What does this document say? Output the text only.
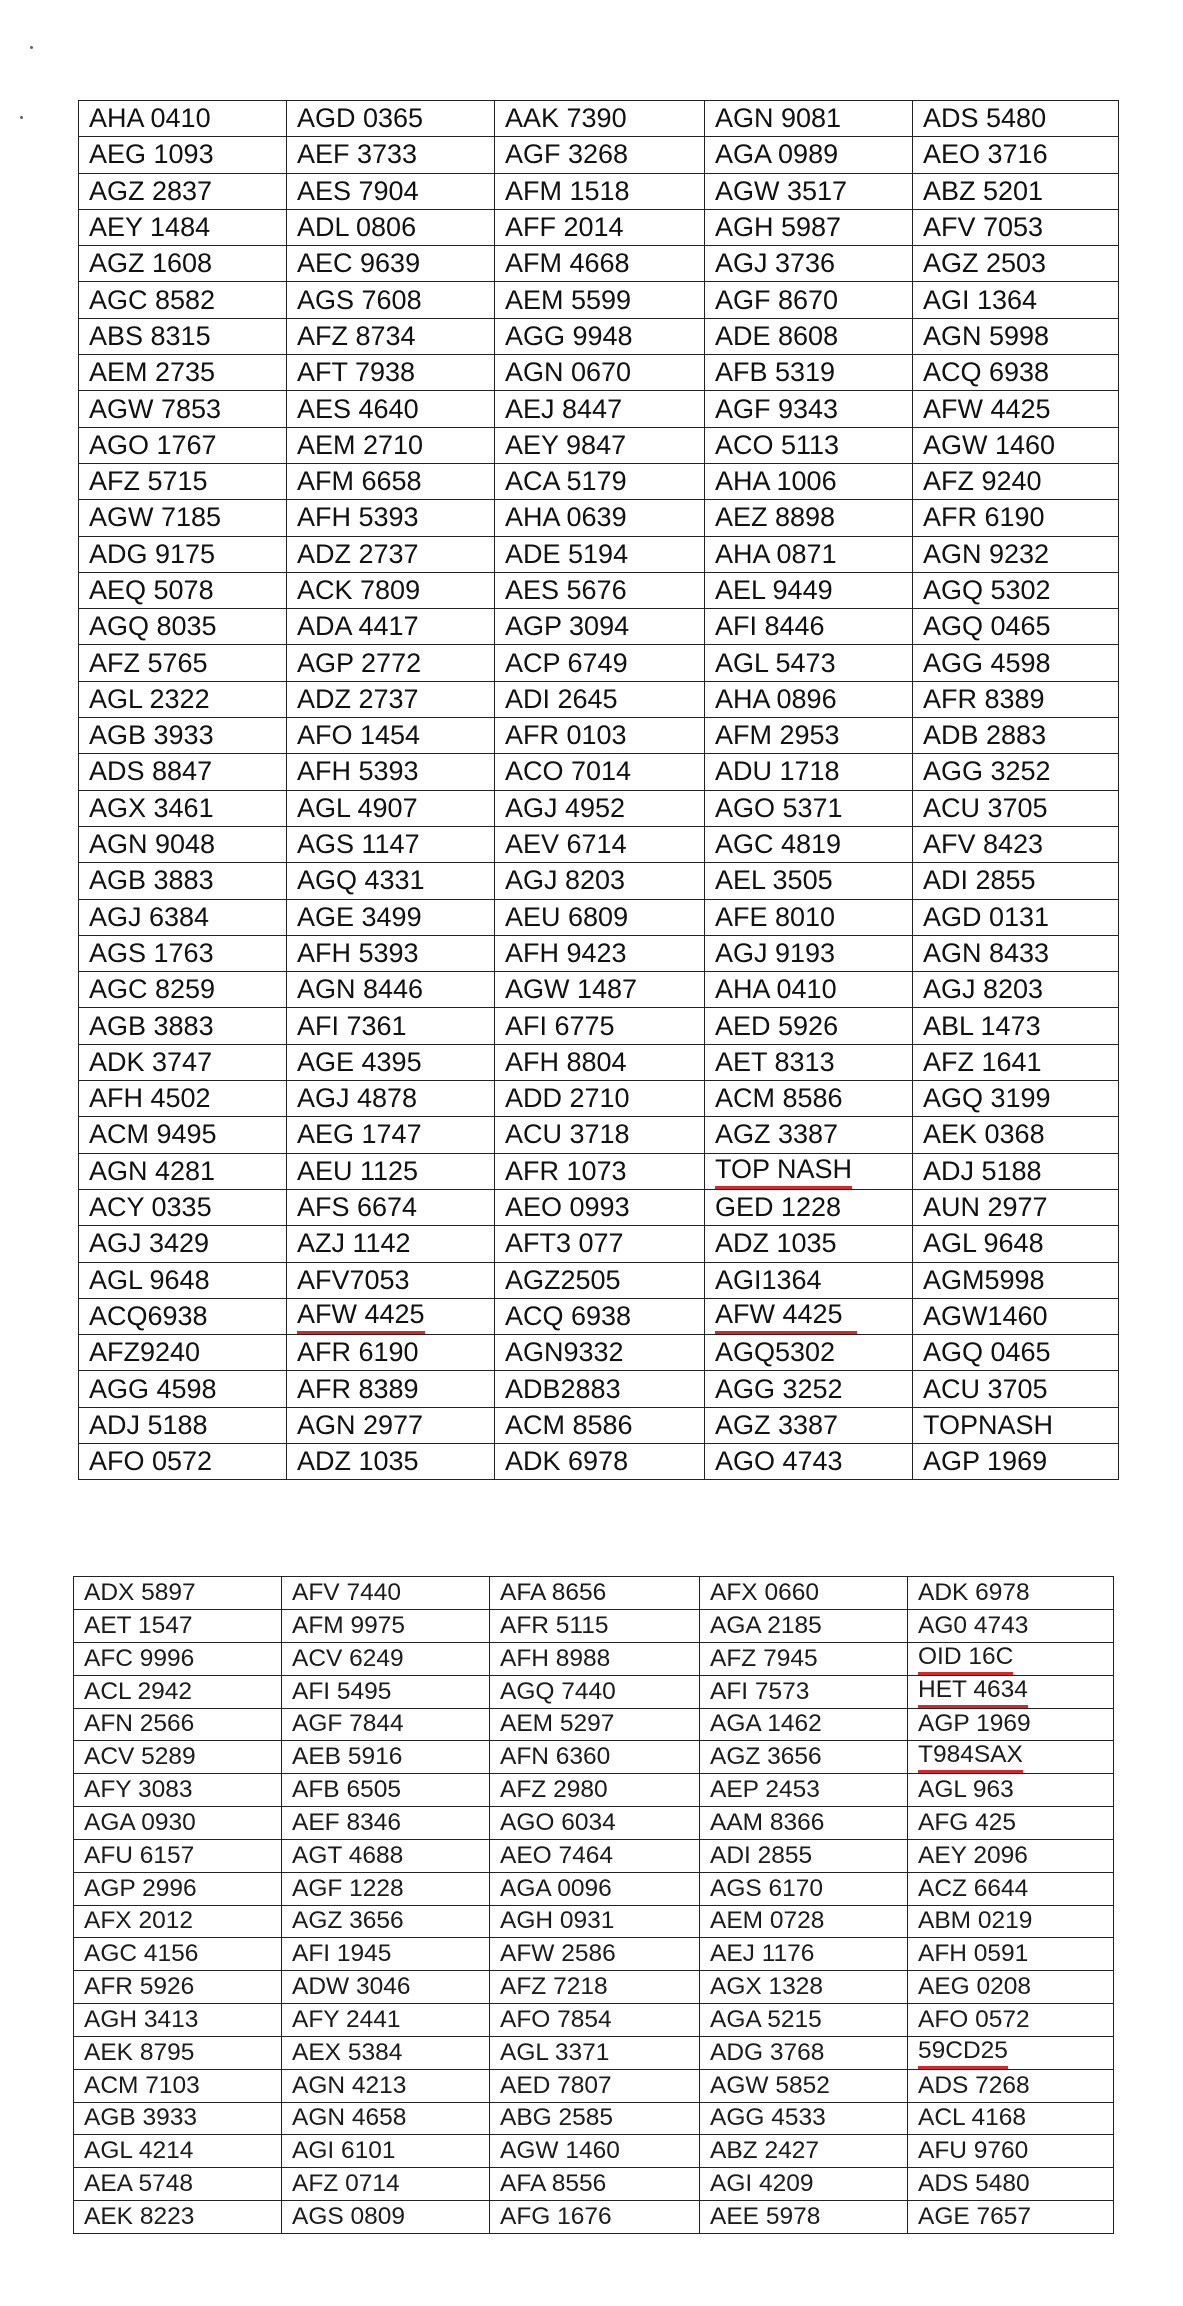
AHA 0410	AGD 0365	AAK 7390	AGN 9081	ADS 5480
AEG 1093	AEF 3733	AGF 3268	AGA 0989	AEO 3716
AGZ 2837	AES 7904	AFM 1518	AGW 3517	ABZ 5201
AEY 1484	ADL 0806	AFF 2014	AGH 5987	AFV 7053
AGZ 1608	AEC 9639	AFM 4668	AGJ 3736	AGZ 2503
AGC 8582	AGS 7608	AEM 5599	AGF 8670	AGI 1364
ABS 8315	AFZ 8734	AGG 9948	ADE 8608	AGN 5998
AEM 2735	AFT 7938	AGN 0670	AFB 5319	ACQ 6938
AGW 7853	AES 4640	AEJ 8447	AGF 9343	AFW 4425
AGO 1767	AEM 2710	AEY 9847	ACO 5113	AGW 1460
AFZ 5715	AFM 6658	ACA 5179	AHA 1006	AFZ 9240
AGW 7185	AFH 5393	AHA 0639	AEZ 8898	AFR 6190
ADG 9175	ADZ 2737	ADE 5194	AHA 0871	AGN 9232
AEQ 5078	ACK 7809	AES 5676	AEL 9449	AGQ 5302
AGQ 8035	ADA 4417	AGP 3094	AFI 8446	AGQ 0465
AFZ 5765	AGP 2772	ACP 6749	AGL 5473	AGG 4598
AGL 2322	ADZ 2737	ADI 2645	AHA 0896	AFR 8389
AGB 3933	AFO 1454	AFR 0103	AFM 2953	ADB 2883
ADS 8847	AFH 5393	ACO 7014	ADU 1718	AGG 3252
AGX 3461	AGL 4907	AGJ 4952	AGO 5371	ACU 3705
AGN 9048	AGS 1147	AEV 6714	AGC 4819	AFV 8423
AGB 3883	AGQ 4331	AGJ 8203	AEL 3505	ADI 2855
AGJ 6384	AGE 3499	AEU 6809	AFE 8010	AGD 0131
AGS 1763	AFH 5393	AFH 9423	AGJ 9193	AGN 8433
AGC 8259	AGN 8446	AGW 1487	AHA 0410	AGJ 8203
AGB 3883	AFI 7361	AFI 6775	AED 5926	ABL 1473
ADK 3747	AGE 4395	AFH 8804	AET 8313	AFZ 1641
AFH 4502	AGJ 4878	ADD 2710	ACM 8586	AGQ 3199
ACM 9495	AEG 1747	ACU 3718	AGZ 3387	AEK 0368
AGN 4281	AEU 1125	AFR 1073	TOP NASH	ADJ 5188
ACY 0335	AFS 6674	AEO 0993	GED 1228	AUN 2977
AGJ 3429	AZJ 1142	AFT3 077	ADZ 1035	AGL 9648
AGL 9648	AFV7053	AGZ2505	AGI1364	AGM5998
ACQ6938	AFW 4425	ACQ 6938	AFW 4425	AGW1460
AFZ9240	AFR 6190	AGN9332	AGQ5302	AGQ 0465
AGG 4598	AFR 8389	ADB2883	AGG 3252	ACU 3705
ADJ 5188	AGN 2977	ACM 8586	AGZ 3387	TOPNASH
AFO 0572	ADZ 1035	ADK 6978	AGO 4743	AGP 1969
ADX 5897	AFV 7440	AFA 8656	AFX 0660	ADK 6978
AET 1547	AFM 9975	AFR 5115	AGA 2185	AG0 4743
AFC 9996	ACV 6249	AFH 8988	AFZ 7945	OID 16C
ACL 2942	AFI 5495	AGQ 7440	AFI 7573	HET 4634
AFN 2566	AGF 7844	AEM 5297	AGA 1462	AGP 1969
ACV 5289	AEB 5916	AFN 6360	AGZ 3656	T984SAX
AFY 3083	AFB 6505	AFZ 2980	AEP 2453	AGL 963
AGA 0930	AEF 8346	AGO 6034	AAM 8366	AFG 425
AFU 6157	AGT 4688	AEO 7464	ADI 2855	AEY 2096
AGP 2996	AGF 1228	AGA 0096	AGS 6170	ACZ 6644
AFX 2012	AGZ 3656	AGH 0931	AEM 0728	ABM 0219
AGC 4156	AFI 1945	AFW 2586	AEJ 1176	AFH 0591
AFR 5926	ADW 3046	AFZ 7218	AGX 1328	AEG 0208
AGH 3413	AFY 2441	AFO 7854	AGA 5215	AFO 0572
AEK 8795	AEX 5384	AGL 3371	ADG 3768	59CD25
ACM 7103	AGN 4213	AED 7807	AGW 5852	ADS 7268
AGB 3933	AGN 4658	ABG 2585	AGG 4533	ACL 4168
AGL 4214	AGI 6101	AGW 1460	ABZ 2427	AFU 9760
AEA 5748	AFZ 0714	AFA 8556	AGI 4209	ADS 5480
AEK 8223	AGS 0809	AFG 1676	AEE 5978	AGE 7657
